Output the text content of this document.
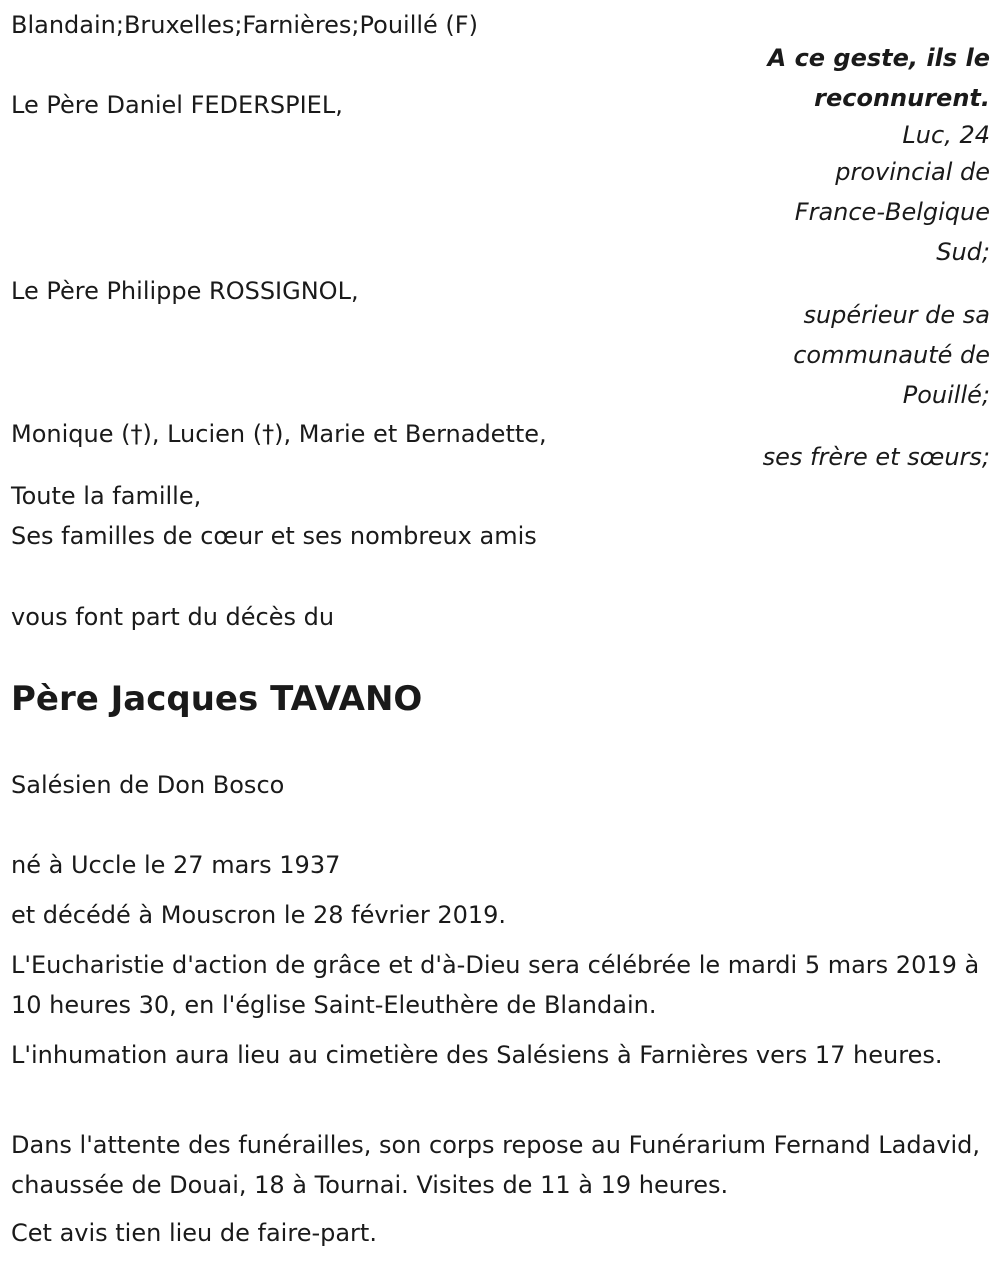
Blandain;Bruxelles;Farnières;Pouillé (F)

A ce geste, ils le

reconnurent.

Luc, 24

Le Père Daniel FEDERSPIEL,

provincial de

France-Belgique

Sud;

Le Père Philippe ROSSIGNOL,

supérieur de sa

communauté de

Pouillé;

Monique (†), Lucien (†), Marie et Bernadette,

ses frère et sœurs;

Toute la famille,

Ses familles de cœur et ses nombreux amis

vous font part du décès du

Père Jacques TAVANO

Salésien de Don Bosco

né à Uccle le 27 mars 1937

et décédé à Mouscron le 28 février 2019.

L'Eucharistie d'action de grâce et d'à-Dieu sera célébrée le mardi 5 mars 2019 à 10 heures 30, en l'église Saint-Eleuthère de Blandain.

L'inhumation aura lieu au cimetière des Salésiens à Farnières vers 17 heures.

Dans l'attente des funérailles, son corps repose au Funérarium Fernand Ladavid, chaussée de Douai, 18 à Tournai. Visites de 11 à 19 heures.

Cet avis tien lieu de faire-part.
